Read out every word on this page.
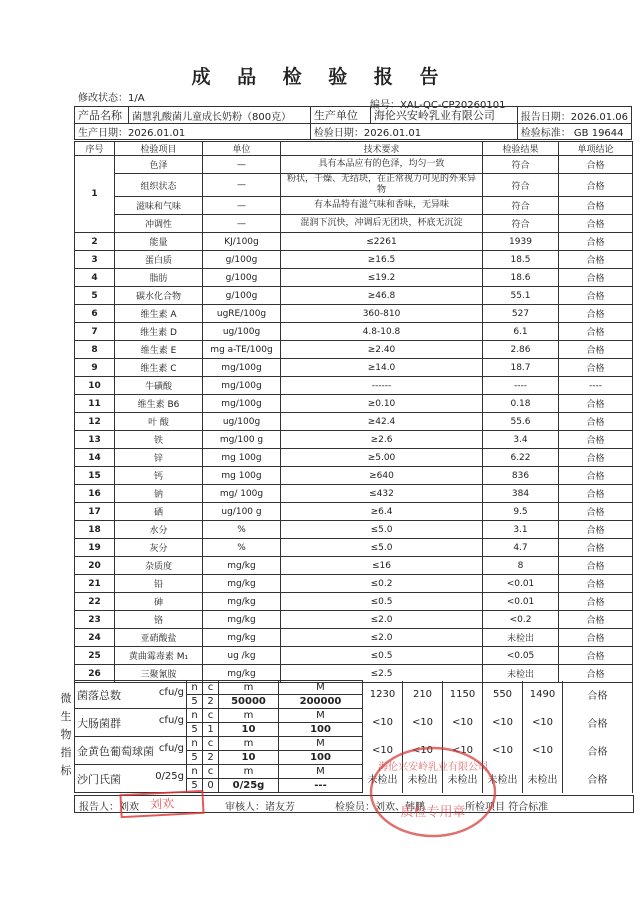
成 品 检 验 报 告
修改状态：1/A
编号：XAL-QC-CP20260101
产品名称	菌慧乳酸菌儿童成长奶粉（800克）	生产单位	海伦兴安岭乳业有限公司	报告日期：2026.01.06
生产日期：2026.01.01		检验日期：2026.01.01		检验标准： GB 19644
序号	检验项目	单位	技术要求	检验结果	单项结论
1	色泽	—	具有本品应有的色泽，均匀一致	符合	合格
	组织状态	—	粉状，干燥、无结块，在正常视力可见的外来异物	符合	合格
	滋味和气味	—	有本品特有滋气味和香味，无异味	符合	合格
	冲调性	—	混润下沉快，冲调后无团块，杯底无沉淀	符合	合格
2	能量	KJ/100g	≤2261	1939	合格
3	蛋白质	g/100g	≥16.5	18.5	合格
4	脂肪	g/100g	≤19.2	18.6	合格
5	碳水化合物	g/100g	≥46.8	55.1	合格
6	维生素 A	ugRE/100g	360-810	527	合格
7	维生素 D	ug/100g	4.8-10.8	6.1	合格
8	维生素 E	mg a-TE/100g	≥2.40	2.86	合格
9	维生素 C	mg/100g	≥14.0	18.7	合格
10	牛磺酸	mg/100g	------	----	----
11	维生素 B6	mg/100g	≥0.10	0.18	合格
12	叶 酸	ug/100g	≥42.4	55.6	合格
13	铁	mg/100 g	≥2.6	3.4	合格
14	锌	mg 100g	≥5.00	6.22	合格
15	钙	mg 100g	≥640	836	合格
16	钠	mg/ 100g	≤432	384	合格
17	硒	ug/100 g	≥6.4	9.5	合格
18	水分	%	≤5.0	3.1	合格
19	灰分	%	≤5.0	4.7	合格
20	杂质度	mg/kg	≤16	8	合格
21	铅	mg/kg	≤0.2	<0.01	合格
22	砷	mg/kg	≤0.5	<0.01	合格
23	铬	mg/kg	≤2.0	<0.2	合格
24	亚硝酸盐	mg/kg	≤2.0	未检出	合格
25	黄曲霉毒素 M₁	ug /kg	≤0.5	<0.05	合格
26	三聚氰胺	mg/kg	≤2.5	未检出	合格
微生物指标
菌落总数 cfu/g	n	c	m	M	1230	210	1150	550	1490	合格
	5	2	50000	200000						
大肠菌群 cfu/g	n	c	m	M	<10	<10	<10	<10	<10	合格
	5	1	10	100						
金黄色葡萄球菌 cfu/g	n	c	m	M	<10	<10	<10	<10	<10	合格
	5	2	10	100						
沙门氏菌 0/25g	n	c	m	M	未检出	未检出	未检出	未检出	未检出	合格
	5	0	0/25g	---						
报告人：刘欢	审核人：诸友芳	检验员：刘欢、韩鹏	所检项目 符合标准
刘欢
海伦兴安岭乳业有限公司
质检专用章
